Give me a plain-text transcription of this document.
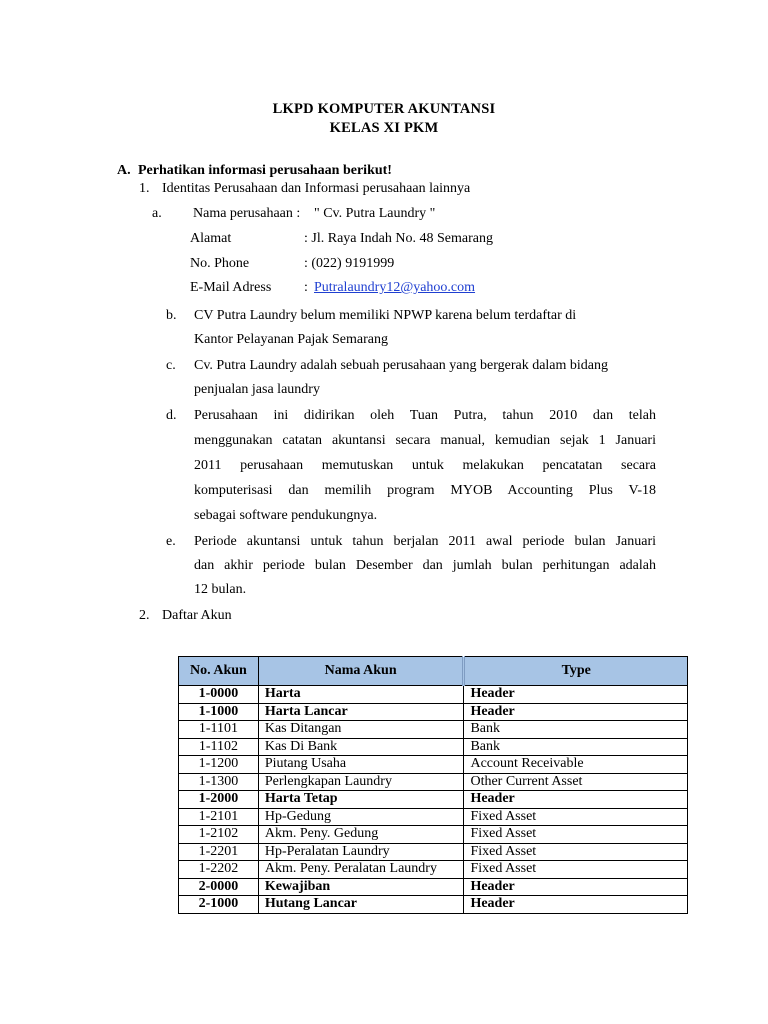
LKPD KOMPUTER AKUNTANSI
KELAS XI PKM
A. Perhatikan informasi perusahaan berikut!
1. Identitas Perusahaan dan Informasi perusahaan lainnya
a. Nama perusahaan : " Cv. Putra Laundry "
Alamat	: Jl. Raya Indah No. 48 Semarang
No. Phone	: (022) 9191999
E-Mail Adress : Putralaundry12@yahoo.com
b. CV Putra Laundry belum memiliki NPWP karena belum terdaftar di
Kantor Pelayanan Pajak Semarang
c. Cv. Putra Laundry adalah sebuah perusahaan yang bergerak dalam bidang
penjualan jasa laundry
d. Perusahaan ini didirikan oleh Tuan Putra, tahun 2010 dan telah
menggunakan catatan akuntansi secara manual, kemudian sejak 1 Januari
2011 perusahaan memutuskan untuk melakukan pencatatan secara
komputerisasi dan memilih program MYOB Accounting Plus V-18
sebagai software pendukungnya.
e. Periode akuntansi untuk tahun berjalan 2011 awal periode bulan Januari
dan akhir periode bulan Desember dan jumlah bulan perhitungan adalah
12 bulan.
2. Daftar Akun
No. Akun	Nama Akun	Type
1-0000	Harta	Header
1-1000	Harta Lancar	Header
1-1101	Kas Ditangan	Bank
1-1102	Kas Di Bank	Bank
1-1200	Piutang Usaha	Account Receivable
1-1300	Perlengkapan Laundry	Other Current Asset
1-2000	Harta Tetap	Header
1-2101	Hp-Gedung	Fixed Asset
1-2102	Akm. Peny. Gedung	Fixed Asset
1-2201	Hp-Peralatan Laundry	Fixed Asset
1-2202	Akm. Peny. Peralatan Laundry	Fixed Asset
2-0000	Kewajiban	Header
2-1000	Hutang Lancar	Header
